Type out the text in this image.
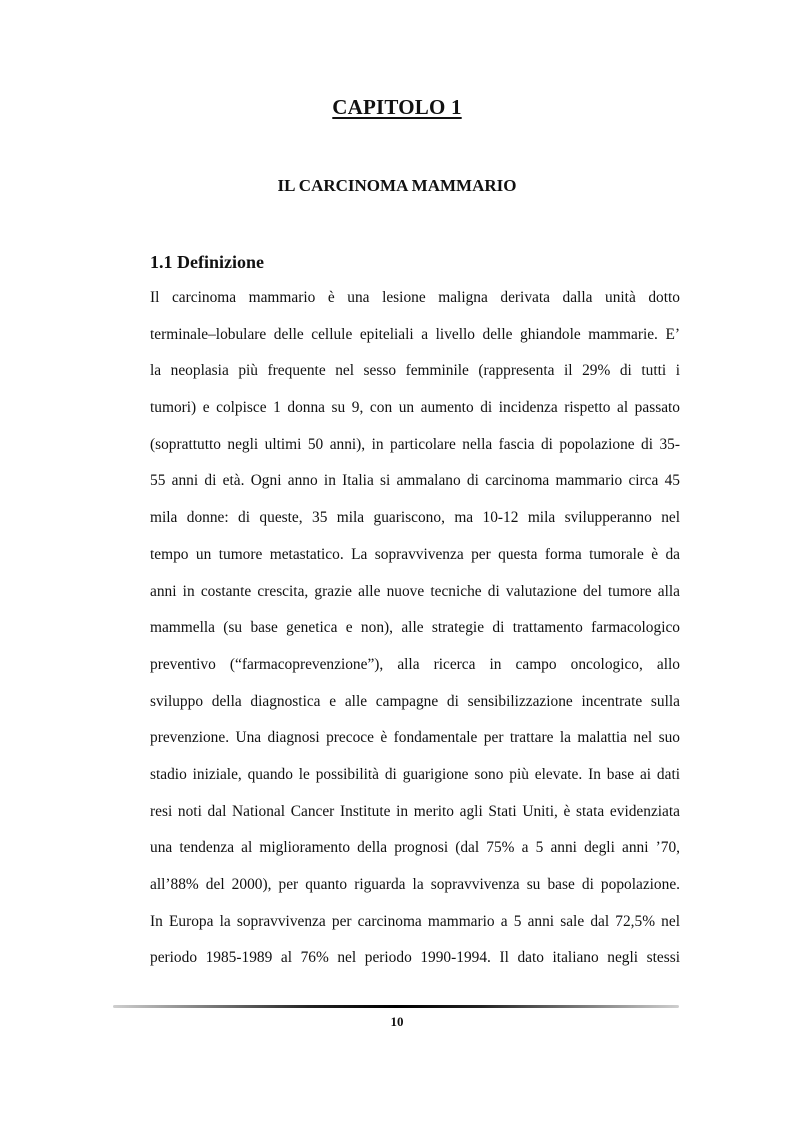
CAPITOLO 1
IL CARCINOMA MAMMARIO
1.1 Definizione
Il carcinoma mammario è una lesione maligna derivata dalla unità dotto
terminale–lobulare delle cellule epiteliali a livello delle ghiandole mammarie. E’
la neoplasia più frequente nel sesso femminile (rappresenta il 29% di tutti i
tumori) e colpisce 1 donna su 9, con un aumento di incidenza rispetto al passato
(soprattutto negli ultimi 50 anni), in particolare nella fascia di popolazione di 35-
55 anni di età. Ogni anno in Italia si ammalano di carcinoma mammario circa 45
mila donne: di queste, 35 mila guariscono, ma 10-12 mila svilupperanno nel
tempo un tumore metastatico. La sopravvivenza per questa forma tumorale è da
anni in costante crescita, grazie alle nuove tecniche di valutazione del tumore alla
mammella (su base genetica e non), alle strategie di trattamento farmacologico
preventivo (“farmacoprevenzione”), alla ricerca in campo oncologico, allo
sviluppo della diagnostica e alle campagne di sensibilizzazione incentrate sulla
prevenzione. Una diagnosi precoce è fondamentale per trattare la malattia nel suo
stadio iniziale, quando le possibilità di guarigione sono più elevate. In base ai dati
resi noti dal National Cancer Institute in merito agli Stati Uniti, è stata evidenziata
una tendenza al miglioramento della prognosi (dal 75% a 5 anni degli anni ’70,
all’88% del 2000), per quanto riguarda la sopravvivenza su base di popolazione.
In Europa la sopravvivenza per carcinoma mammario a 5 anni sale dal 72,5% nel
periodo 1985-1989 al 76% nel periodo 1990-1994. Il dato italiano negli stessi
10
